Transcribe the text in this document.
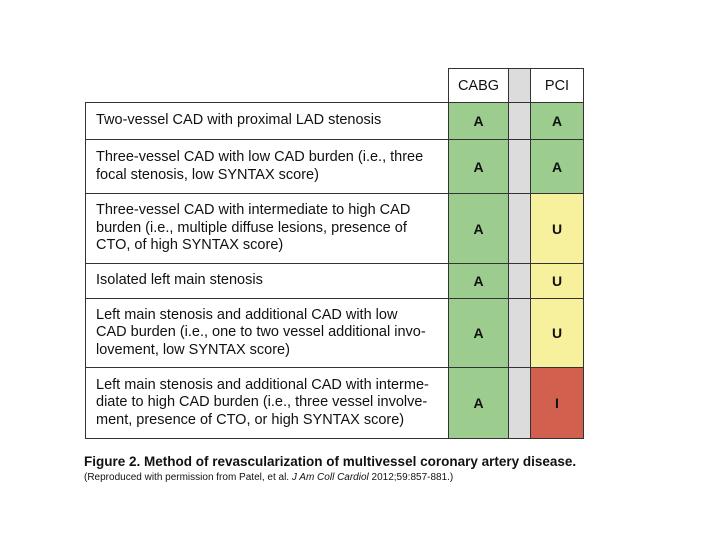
CABG	PCI
Two-vessel CAD with proximal LAD stenosis	A	A
Three-vessel CAD with low CAD burden (i.e., three
focal stenosis, low SYNTAX score)	A	A
Three-vessel CAD with intermediate to high CAD
burden (i.e., multiple diffuse lesions, presence of
CTO, of high SYNTAX score)
A	U
Isolated left main stenosis	A	U
Left main stenosis and additional CAD with low
CAD burden (i.e., one to two vessel additional invo-
lovement, low SYNTAX score)
A	U
Left main stenosis and additional CAD with interme-
diate to high CAD burden (i.e., three vessel involve-
ment, presence of CTO, or high SYNTAX score)
A	I
Figure 2. Method of revascularization of multivessel coronary artery disease.
(Reproduced with permission from Patel, et al. J Am Coll Cardiol 2012;59:857-881.)
